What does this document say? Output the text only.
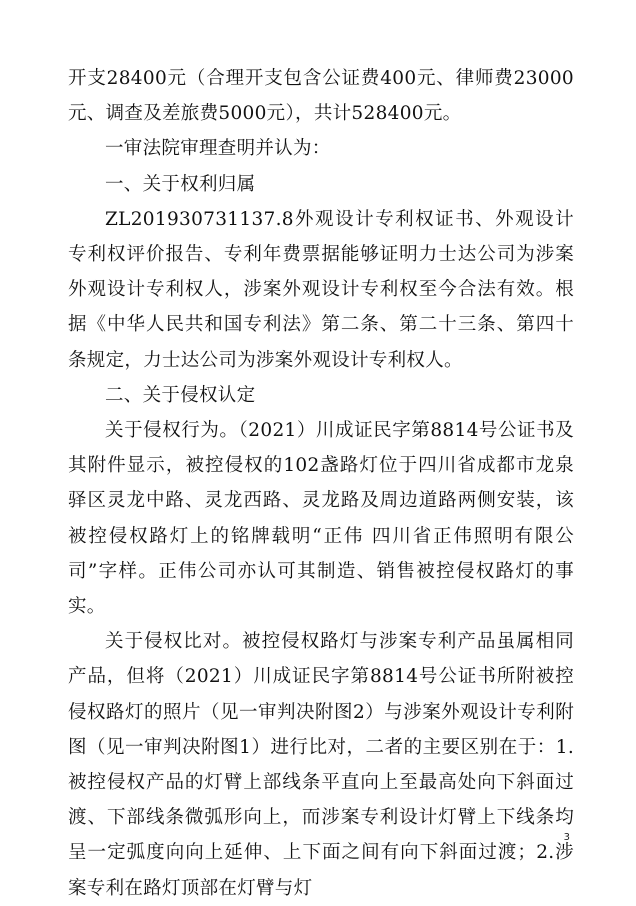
开支28400元（合理开支包含公证费400元、律师费23000元、调查及差旅费5000元），共计528400元。

一审法院审理查明并认为：

一、关于权利归属

ZL201930731137.8外观设计专利权证书、外观设计专利权评价报告、专利年费票据能够证明力士达公司为涉案外观设计专利权人，涉案外观设计专利权至今合法有效。根据《中华人民共和国专利法》第二条、第二十三条、第四十条规定，力士达公司为涉案外观设计专利权人。

二、关于侵权认定

关于侵权行为。（2021）川成证民字第8814号公证书及其附件显示，被控侵权的102盏路灯位于四川省成都市龙泉驿区灵龙中路、灵龙西路、灵龙路及周边道路两侧安装，该被控侵权路灯上的铭牌载明“正伟 四川省正伟照明有限公司”字样。正伟公司亦认可其制造、销售被控侵权路灯的事实。

关于侵权比对。被控侵权路灯与涉案专利产品虽属相同产品，但将（2021）川成证民字第8814号公证书所附被控侵权路灯的照片（见一审判决附图2）与涉案外观设计专利附图（见一审判决附图1）进行比对，二者的主要区别在于：1.被控侵权产品的灯臂上部线条平直向上至最高处向下斜面过渡、下部线条微弧形向上，而涉案专利设计灯臂上下线条均呈一定弧度向向上延伸、上下面之间有向下斜面过渡；2.涉案专利在路灯顶部在灯臂与灯

3
